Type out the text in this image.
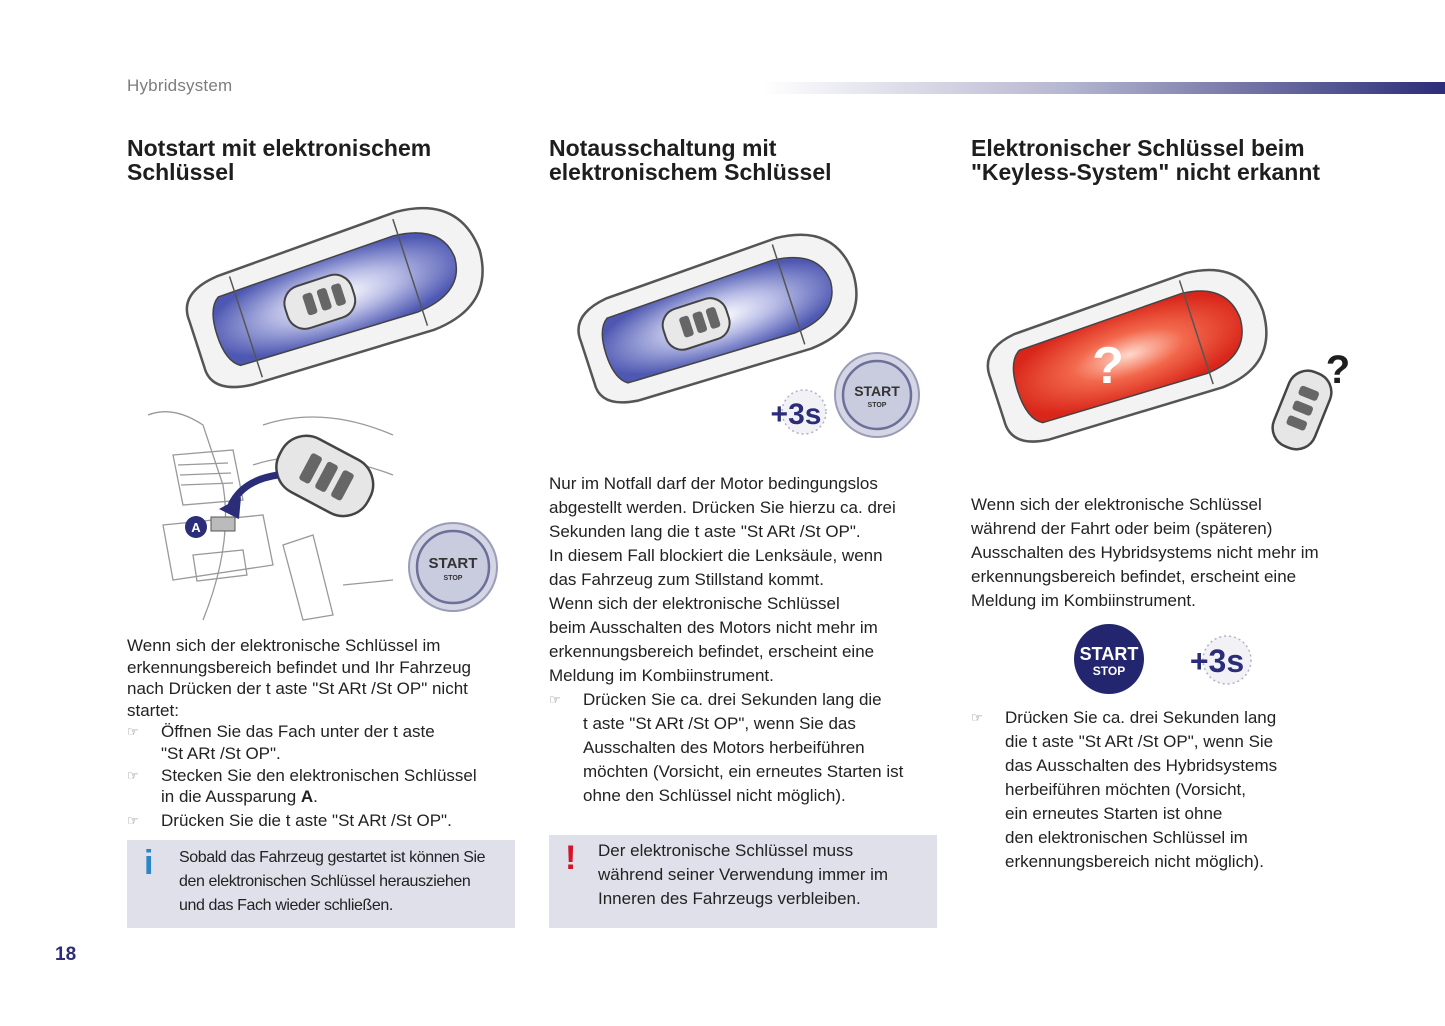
Hybridsystem
Notstart mit elektronischem
Schlüssel
A
START
STOP

Wenn sich der elektronische Schlüssel im
erkennungsbereich befindet und Ihr Fahrzeug
nach Drücken der t aste "St ARt /St OP" nicht
startet:

☞ Öffnen Sie das Fach unter der t aste
"St ARt /St OP".
☞ Stecken Sie den elektronischen Schlüssel
in die Aussparung A.
☞ Drücken Sie die t aste "St ARt /St OP".
i Sobald das Fahrzeug gestartet ist können Sie
den elektronischen Schlüssel herausziehen
und das Fach wieder schließen.
Notausschaltung mit
elektronischem Schlüssel
+3s
START
STOP

Nur im Notfall darf der Motor bedingungslos
abgestellt werden. Drücken Sie hierzu ca. drei
Sekunden lang die t aste "St ARt /St OP".
In diesem Fall blockiert die Lenksäule, wenn
das Fahrzeug zum Stillstand kommt.
Wenn sich der elektronische Schlüssel
beim Ausschalten des Motors nicht mehr im
erkennungsbereich befindet, erscheint eine
Meldung im Kombiinstrument.

☞ Drücken Sie ca. drei Sekunden lang die
t aste "St ARt /St OP", wenn Sie das
Ausschalten des Motors herbeiführen
möchten (Vorsicht, ein erneutes Starten ist
ohne den Schlüssel nicht möglich).
! Der elektronische Schlüssel muss
während seiner Verwendung immer im
Inneren des Fahrzeugs verbleiben.
Elektronischer Schlüssel beim
"Keyless-System" nicht erkannt
?	?

Wenn sich der elektronische Schlüssel
während der Fahrt oder beim (späteren)
Ausschalten des Hybridsystems nicht mehr im
erkennungsbereich befindet, erscheint eine
Meldung im Kombiinstrument.

START
STOP +3s
☞ Drücken Sie ca. drei Sekunden lang
die t aste "St ARt /St OP", wenn Sie
das Ausschalten des Hybridsystems
herbeiführen möchten (Vorsicht,
ein erneutes Starten ist ohne
den elektronischen Schlüssel im
erkennungsbereich nicht möglich).
18
